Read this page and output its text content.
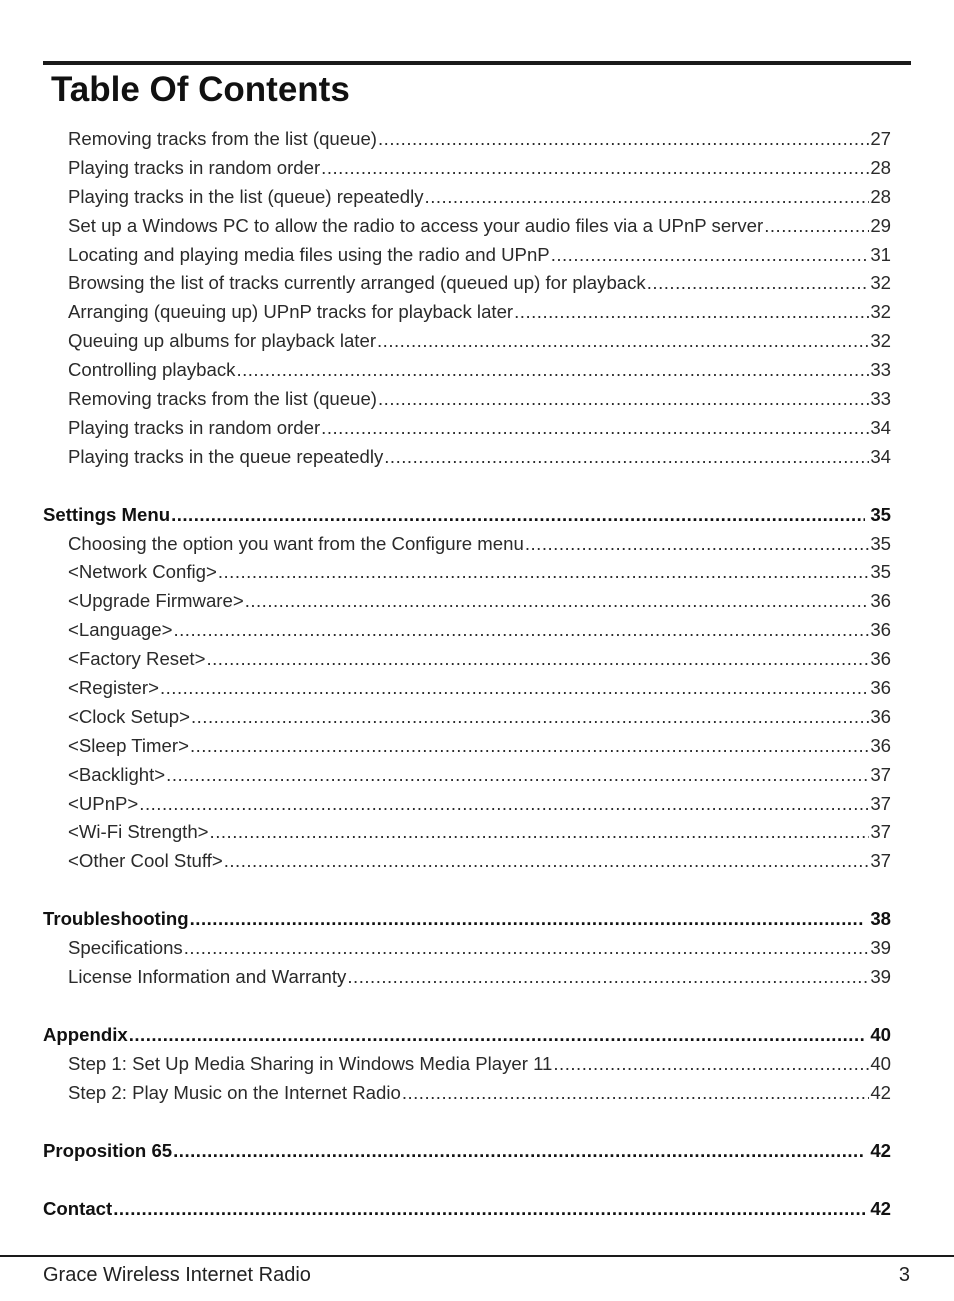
Table Of Contents
Removing tracks from the list (queue) .....	27
Playing tracks in random order .....	28
Playing tracks in the list (queue) repeatedly .....	28
Set up a Windows PC to allow the radio to access your audio files via a UPnP server .....	29
Locating and playing media files using the radio and UPnP .....	31
Browsing the list of tracks currently arranged (queued up) for playback .....	32
Arranging (queuing up) UPnP tracks for playback later .....	32
Queuing up albums for playback later .....	32
Controlling playback .....	33
Removing tracks from the list (queue) .....	33
Playing tracks in random order .....	34
Playing tracks in the queue repeatedly .....	34
Settings Menu .....	35
Choosing the option you want from the Configure menu .....	35
<Network Config> .....	35
<Upgrade Firmware> .....	36
<Language> .....	36
<Factory Reset> .....	36
<Register> .....	36
<Clock Setup> .....	36
<Sleep Timer> .....	36
<Backlight> .....	37
<UPnP> .....	37
<Wi-Fi Strength> .....	37
<Other Cool Stuff> .....	37
Troubleshooting .....	38
Specifications .....	39
License Information and Warranty .....	39
Appendix .....	40
Step 1: Set Up Media Sharing in Windows Media Player 11 .....	40
Step 2: Play Music on the Internet Radio .....	42
Proposition 65 .....	42
Contact .....	42
Grace Wireless Internet Radio	3
